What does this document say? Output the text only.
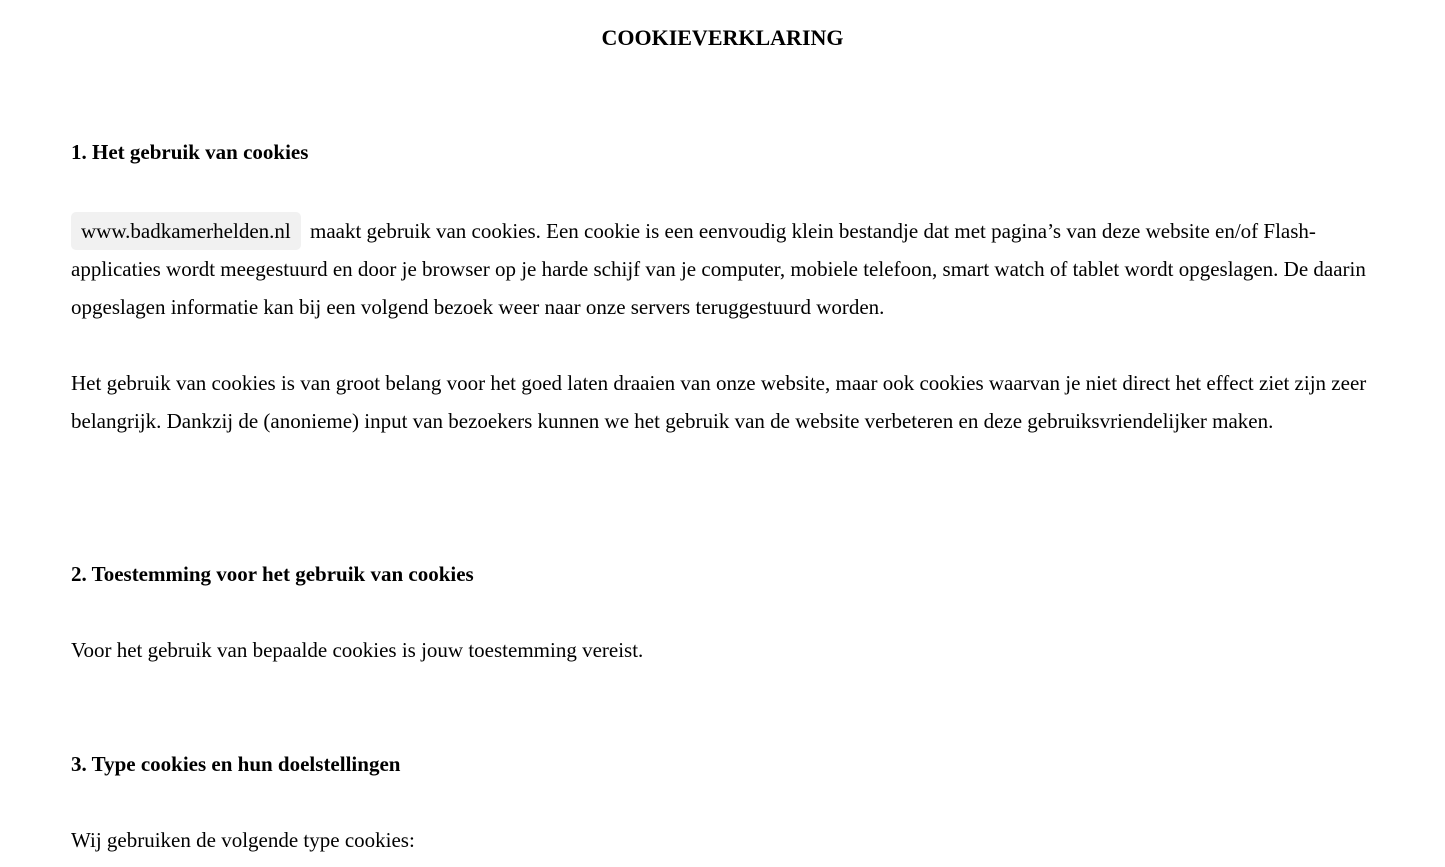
COOKIEVERKLARING
1. Het gebruik van cookies

www.badkamerhelden.nl maakt gebruik van cookies. Een cookie is een eenvoudig klein bestandje dat met pagina’s van deze website en/of Flash-applicaties wordt meegestuurd en door je browser op je harde schijf van je computer, mobiele telefoon, smart watch of tablet wordt opgeslagen. De daarin opgeslagen informatie kan bij een volgend bezoek weer naar onze servers teruggestuurd worden.

Het gebruik van cookies is van groot belang voor het goed laten draaien van onze website, maar ook cookies waarvan je niet direct het effect ziet zijn zeer belangrijk. Dankzij de (anonieme) input van bezoekers kunnen we het gebruik van de website verbeteren en deze gebruiksvriendelijker maken.

2. Toestemming voor het gebruik van cookies

Voor het gebruik van bepaalde cookies is jouw toestemming vereist.

3. Type cookies en hun doelstellingen

Wij gebruiken de volgende type cookies:
